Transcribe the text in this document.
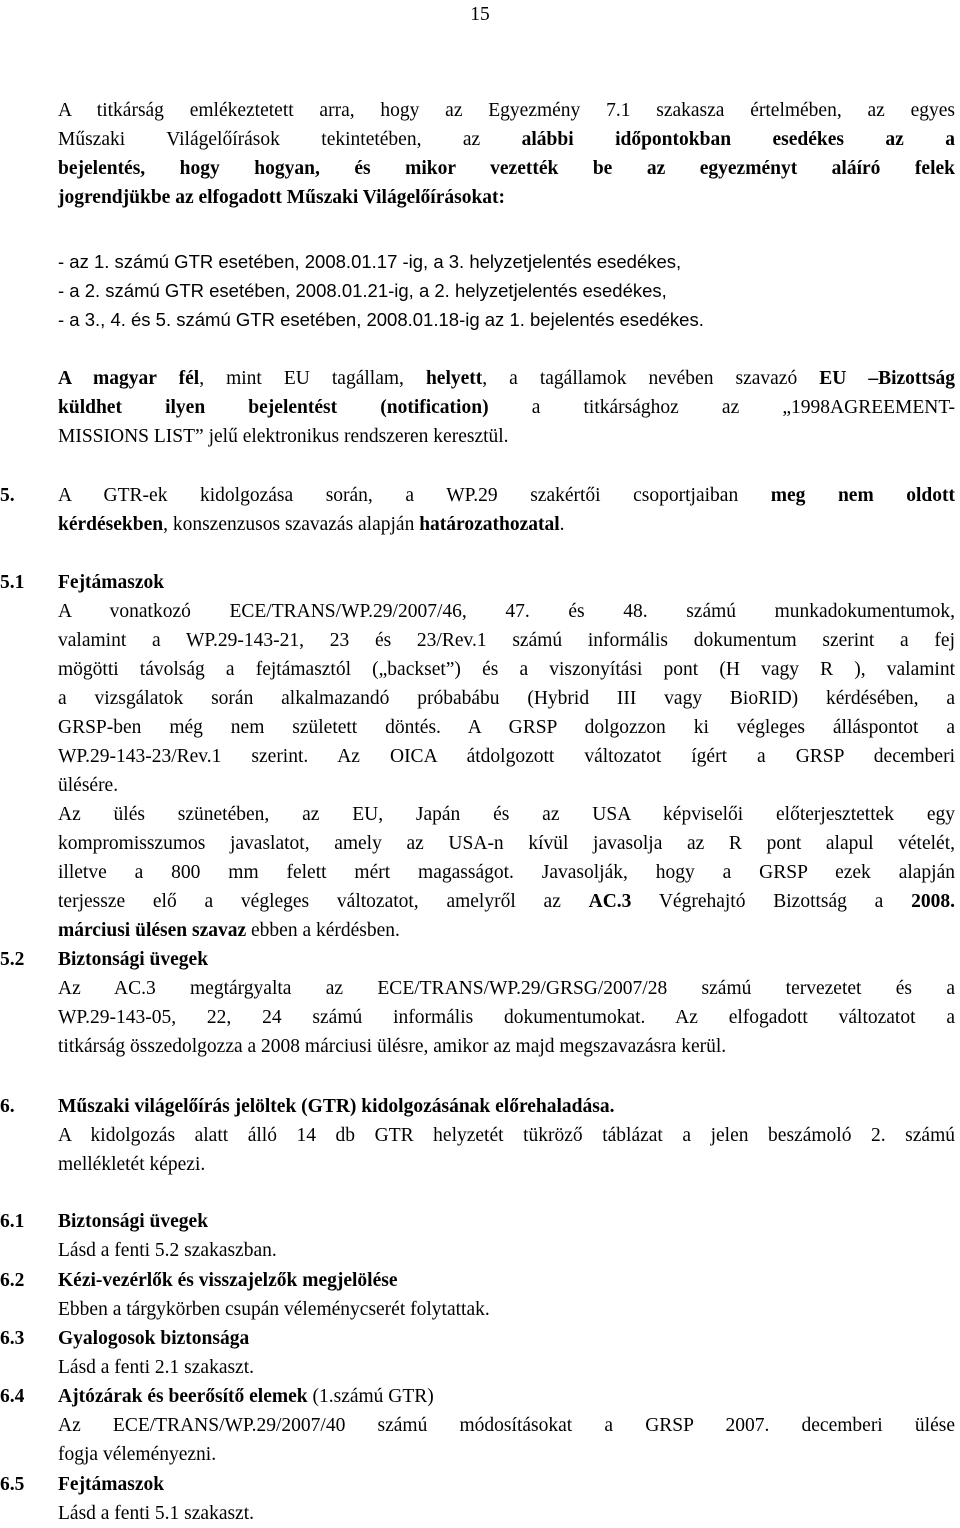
15
A titkárság emlékeztetett arra, hogy az Egyezmény 7.1 szakasza értelmében, az egyes
Műszaki Világelőírások tekintetében, az alábbi időpontokban esedékes az a
bejelentés, hogy hogyan, és mikor vezették be az egyezményt aláíró felek
jogrendjükbe az elfogadott Műszaki Világelőírásokat:
- az 1. számú GTR esetében, 2008.01.17 -ig, a 3. helyzetjelentés esedékes,
- a 2. számú GTR esetében, 2008.01.21-ig, a 2. helyzetjelentés esedékes,
- a 3., 4. és 5. számú GTR esetében, 2008.01.18-ig az 1. bejelentés esedékes.
A magyar fél, mint EU tagállam, helyett, a tagállamok nevében szavazó EU –Bizottság
küldhet ilyen bejelentést (notification) a titkársághoz az „1998AGREEMENT-
MISSIONS LIST” jelű elektronikus rendszeren keresztül.
5. A GTR-ek kidolgozása során, a WP.29 szakértői csoportjaiban meg nem oldott
kérdésekben, konszenzusos szavazás alapján határozathozatal.
5.1 Fejtámaszok
A vonatkozó ECE/TRANS/WP.29/2007/46, 47. és 48. számú munkadokumentumok,
valamint a WP.29-143-21, 23 és 23/Rev.1 számú informális dokumentum szerint a fej
mögötti távolság a fejtámasztól („backset”) és a viszonyítási pont (H vagy R ), valamint
a vizsgálatok során alkalmazandó próbabábu (Hybrid III vagy BioRID) kérdésében, a
GRSP-ben még nem született döntés. A GRSP dolgozzon ki végleges álláspontot a
WP.29-143-23/Rev.1 szerint. Az OICA átdolgozott változatot ígért a GRSP decemberi
ülésére.
Az ülés szünetében, az EU, Japán és az USA képviselői előterjesztettek egy
kompromisszumos javaslatot, amely az USA-n kívül javasolja az R pont alapul vételét,
illetve a 800 mm felett mért magasságot. Javasolják, hogy a GRSP ezek alapján
terjessze elő a végleges változatot, amelyről az AC.3 Végrehajtó Bizottság a 2008.
márciusi ülésen szavaz ebben a kérdésben.
5.2 Biztonsági üvegek
Az AC.3 megtárgyalta az ECE/TRANS/WP.29/GRSG/2007/28 számú tervezetet és a
WP.29-143-05, 22, 24 számú informális dokumentumokat. Az elfogadott változatot a
titkárság összedolgozza a 2008 márciusi ülésre, amikor az majd megszavazásra kerül.
6. Műszaki világelőírás jelöltek (GTR) kidolgozásának előrehaladása.
A kidolgozás alatt álló 14 db GTR helyzetét tükröző táblázat a jelen beszámoló 2. számú
mellékletét képezi.
6.1 Biztonsági üvegek
Lásd a fenti 5.2 szakaszban.
6.2 Kézi-vezérlők és visszajelzők megjelölése
Ebben a tárgykörben csupán véleménycserét folytattak.
6.3 Gyalogosok biztonsága
Lásd a fenti 2.1 szakaszt.
6.4 Ajtózárak és beerősítő elemek (1.számú GTR)
Az ECE/TRANS/WP.29/2007/40 számú módosításokat a GRSP 2007. decemberi ülése
fogja véleményezni.
6.5 Fejtámaszok
Lásd a fenti 5.1 szakaszt.
